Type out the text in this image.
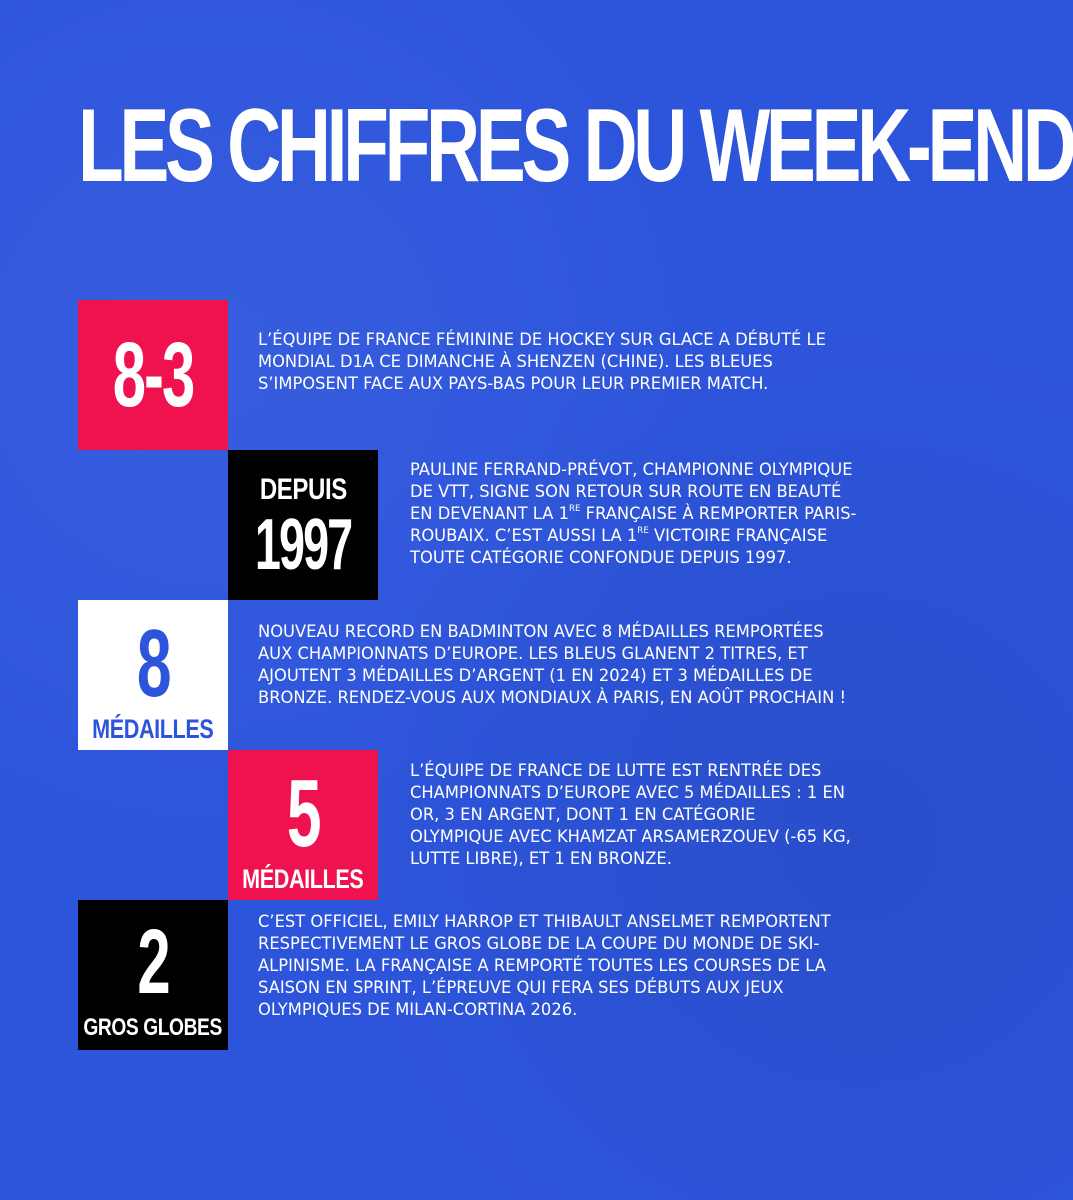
LES CHIFFRES DU WEEK-END
8-3	L’ÉQUIPE DE FRANCE FÉMININE DE HOCKEY SUR GLACE A DÉBUTÉ LE MONDIAL D1A CE DIMANCHE À SHENZEN (CHINE). LES BLEUES S’IMPOSENT FACE AUX PAYS-BAS POUR LEUR PREMIER MATCH.

DEPUIS
1997

PAULINE FERRAND-PRÉVOT, CHAMPIONNE OLYMPIQUE DE VTT, SIGNE SON RETOUR SUR ROUTE EN BEAUTÉ EN DEVENANT LA 1RE FRANÇAISE À REMPORTER PARIS-ROUBAIX. C’EST AUSSI LA 1RE VICTOIRE FRANÇAISE TOUTE CATÉGORIE CONFONDUE DEPUIS 1997.

8
MÉDAILLES

NOUVEAU RECORD EN BADMINTON AVEC 8 MÉDAILLES REMPORTÉES AUX CHAMPIONNATS D’EUROPE. LES BLEUS GLANENT 2 TITRES, ET AJOUTENT 3 MÉDAILLES D’ARGENT (1 EN 2024) ET 3 MÉDAILLES DE BRONZE. RENDEZ-VOUS AUX MONDIAUX À PARIS, EN AOÛT PROCHAIN !

5
MÉDAILLES

L’ÉQUIPE DE FRANCE DE LUTTE EST RENTRÉE DES CHAMPIONNATS D’EUROPE AVEC 5 MÉDAILLES : 1 EN OR, 3 EN ARGENT, DONT 1 EN CATÉGORIE OLYMPIQUE AVEC KHAMZAT ARSAMERZOUEV (-65 KG, LUTTE LIBRE), ET 1 EN BRONZE.

2
GROS GLOBES

C’EST OFFICIEL, EMILY HARROP ET THIBAULT ANSELMET REMPORTENT RESPECTIVEMENT LE GROS GLOBE DE LA COUPE DU MONDE DE SKI-ALPINISME. LA FRANÇAISE A REMPORTÉ TOUTES LES COURSES DE LA SAISON EN SPRINT, L’ÉPREUVE QUI FERA SES DÉBUTS AUX JEUX OLYMPIQUES DE MILAN-CORTINA 2026.
